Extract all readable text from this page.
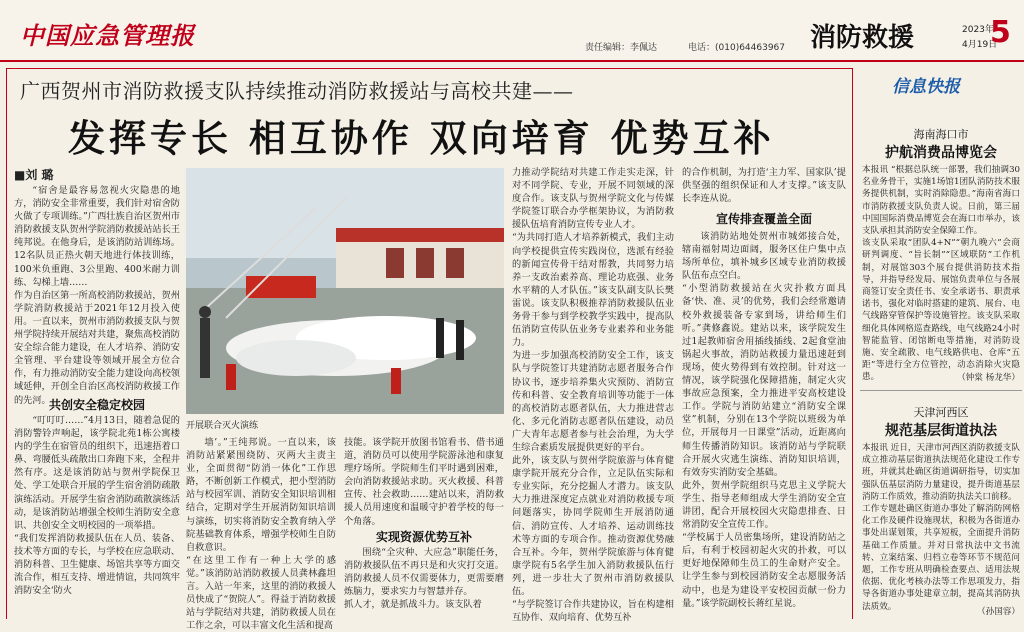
中国应急管理报	责任编辑：李佩达	电话：(010)64463967 消防救援	2023年
4月19日
5
广西贺州市消防救援支队持续推动消防救援站与高校共建——
发挥专长 相互协作 双向培育 优势互补
■刘 璐
“宿舍是最容易忽视火灾隐患的地方，消防安全非常重要，我们针对宿舍防火做了专项训练。”广西壮族自治区贺州市消防救援支队贺州学院消防救援站站长王纯邦说。在他身后，是该消防站训练场。12名队员正热火朝天地进行体技训练，100米负重跑、3公里跑、400米耐力训练、勾梯上墙……
作为自治区第一所高校消防救援站，贺州学院消防救援站于2021年12月投入使用。一直以来，贺州市消防救援支队与贺州学院持续开展结对共建，聚焦高校消防安全综合能力建设，在人才培养、消防安全管理、平台建设等领域开展全方位合作，有力推动消防安全能力建设向高校领域延伸，开创全自治区高校消防救援工作的先河。
共创安全稳定校园
“叮叮叮……”4月13日，随着急促的消防警铃声响起，该学院北苑1栋公寓楼内的学生在宿管员的组织下，迅速捂着口鼻、弯腰低头疏散出口奔跑下来，全程井然有序。这是该消防站与贺州学院保卫处、学工处联合开展的学生宿舍消防疏散演练活动。开展学生宿舍消防疏散演练活动，是该消防站增强全校师生消防安全意识、共创安全文明校园的一项举措。
“我们发挥消防救援队伍在人员、装备、技术等方面的专长，与学校在应急联动、消防科普、卫生健康、场馆共享等方面交流合作，相互支持、增进情谊，共同筑牢消防安全‘防火
开展联合灭火演练
墙’。”王纯邦说。一直以来，该消防站紧紧围绕防、灭两大主责主业，全面贯彻“防消一体化”工作思路，不断创新工作模式，把小型消防站与校园军训、消防安全知识培训相结合，定期对学生开展消防知识培训与演练，切实将消防安全教育纳入学院基础教育体系，增强学校师生自防自救意识。
“在这里工作有一种上大学的感觉。”该消防站消防救援人员龚林鑫坦言。入站一年来，这里的消防救援人员快成了“贺院人”。得益于消防救援站与学院结对共建，消防救援人员在工作之余，可以丰富文化生活和提高
技能。该学院开放图书馆看书、借书通道，消防员可以使用学院游泳池和康复理疗场所。学院师生们平时遇到困难，会向消防救援站求助。灭火救援、科普宣传、社会救助……建站以来，消防救援人员用速度和温暖守护着学校的每一个角落。
实现资源优势互补
围绕“全灾种、大应急”职能任务，消防救援队伍不再只是和火灾打交道。消防救援人员不仅需要体力，更需要磨炼脑力，要求实力与智慧并存。
抓人才，就是抓战斗力。该支队着
力推动学院结对共建工作走实走深，针对不同学院、专业，开展不同领域的深度合作。该支队与贺州学院文化与传媒学院签订联合办学框架协议，为消防救援队伍培育消防宣传专业人才。
“为共同打造人才培养新模式，我们主动向学校提供宣传实践岗位，选派有经验的新闻宣传骨干结对帮教，共同努力培养一支政治素养高、理论功底强、业务水平精的人才队伍。”该支队副支队长樊雷说。该支队积极推荐消防救援队伍业务骨干参与到学校教学实践中，提高队伍消防宣传队伍业务专业素养和业务能力。
为进一步加强高校消防安全工作，该支队与学院签订共建消防志愿者服务合作协议书，逐步培养集火灾预防、消防宣传和科普、安全教育培训等功能于一体的高校消防志愿者队伍，大力推进营志化、多元化消防志愿者队伍建设，动员广大青年志愿者参与社会治理，为大学生综合素质发展提供更好的平台。
此外，该支队与贺州学院旅游与体育健康学院开展充分合作，立足队伍实际和专业实际，充分挖掘人才潜力。该支队大力推进深度定点就业对消防救援专项问题落实，协同学院师生开展消防通信、消防宣传、人才培养、运动训练技术等方面的专项合作。推动资源优势融合互补。今年，贺州学院旅游与体育健康学院有5名学生加入消防救援队伍行列，进一步壮大了贺州市消防救援队伍。
“与学院签订合作共建协议，旨在构建相互协作、双向培育、优势互补
的合作机制，为打造‘主力军、国家队’提供坚强的组织保证和人才支撑。”该支队长李连从说。
宣传排查覆盖全面
该消防站地处贺州市城郊接合处，辖南福射周边面阔，服务区住户集中点场所单位，填补城乡区域专业消防救援队伍布点空白。
“小型消防救援站在火灾扑救方面具备‘快、准、灵’的优势，我们会经常邀请校外救援装备专家到场，讲给师生们听。”龚修鑫说。建站以来，该学院发生过1起教师宿舍用插线插线、2起食堂油锅起火事故，消防站救援力量迅速赶到现场，使火势得到有效控制。针对这一情况，该学院强化保障措施，制定火灾事故应急预案，全力推进平安高校建设工作。学院与消防站建立“消防安全课堂”机制，分别在13个学院以班级为单位，开展每月一日课堂”活动，近距离向师生传播消防知识。该消防站与学院联合开展火灾逃生演练、消防知识培训，有效夯实消防安全基础。
此外，贺州学院组织马克思主义学院大学生、指导老师组成大学生消防安全宣讲团，配合开展校园火灾隐患排查、日常消防安全宣传工作。
“学校属于人员密集场所，建设消防站之后，有利于校园初起火灾的扑救，可以更好地保障师生员工的生命财产安全。让学生参与到校园消防安全志愿服务活动中，也是为建设平安校园贡献一份力量。”该学院副校长蒋红星说。
信息快报
海南海口市
护航消费品博览会
本报讯 “根据总队统一部署，我们抽调30名业务骨干，实施1场馆1团队消防技术服务提供机制，实时消除隐患。”海南省海口市消防救援支队负责人说。日前，第三届中国国际消费品博览会在海口市举办，该支队承担其消防安全保障工作。
该支队采取“团队4+N”“朝九晚六”会商研判调度、“旨长制”“区域联防”工作机制，对展馆303个展台提供消防技术指导，并指导经发局、展馆负责单位与各展商签订安全责任书、安全承诺书、职责承诺书，强化对临时搭建的建筑、展台、电气线路穿管保护等设施管控。该支队采取细化具体网格巡查路线，电气线路24小时智能监管、闭馆断电等措施，对消防设施、安全疏散、电气线路供电、仓库“五距”等进行全方位管控，动态消除火灾隐患。	（钟棠 杨龙华）
天津河西区
规范基层街道执法
本报讯 近日，天津市河西区消防救援支队成立推动基层街道执法规范化建设工作专班，并就其赴确区街道调研指导，切实加强队伍基层消防力量建设，提升街道基层消防工作质效，推动消防执法关口前移。
工作专题赴确区街道办事处了解消防网格化工作及硬件设施现状，积极为各街道办事处出谋划策，共享短板，全面提升消防基础工作质量。并对日常执法中文书流转、立案结案、归档立卷等环节不规范问题，工作专班从明确检查要点、适用法规依据、优化考核办法等工作思项发力，指导各街道办事处建章立制，提高其消防执法质效。
（孙国容）
